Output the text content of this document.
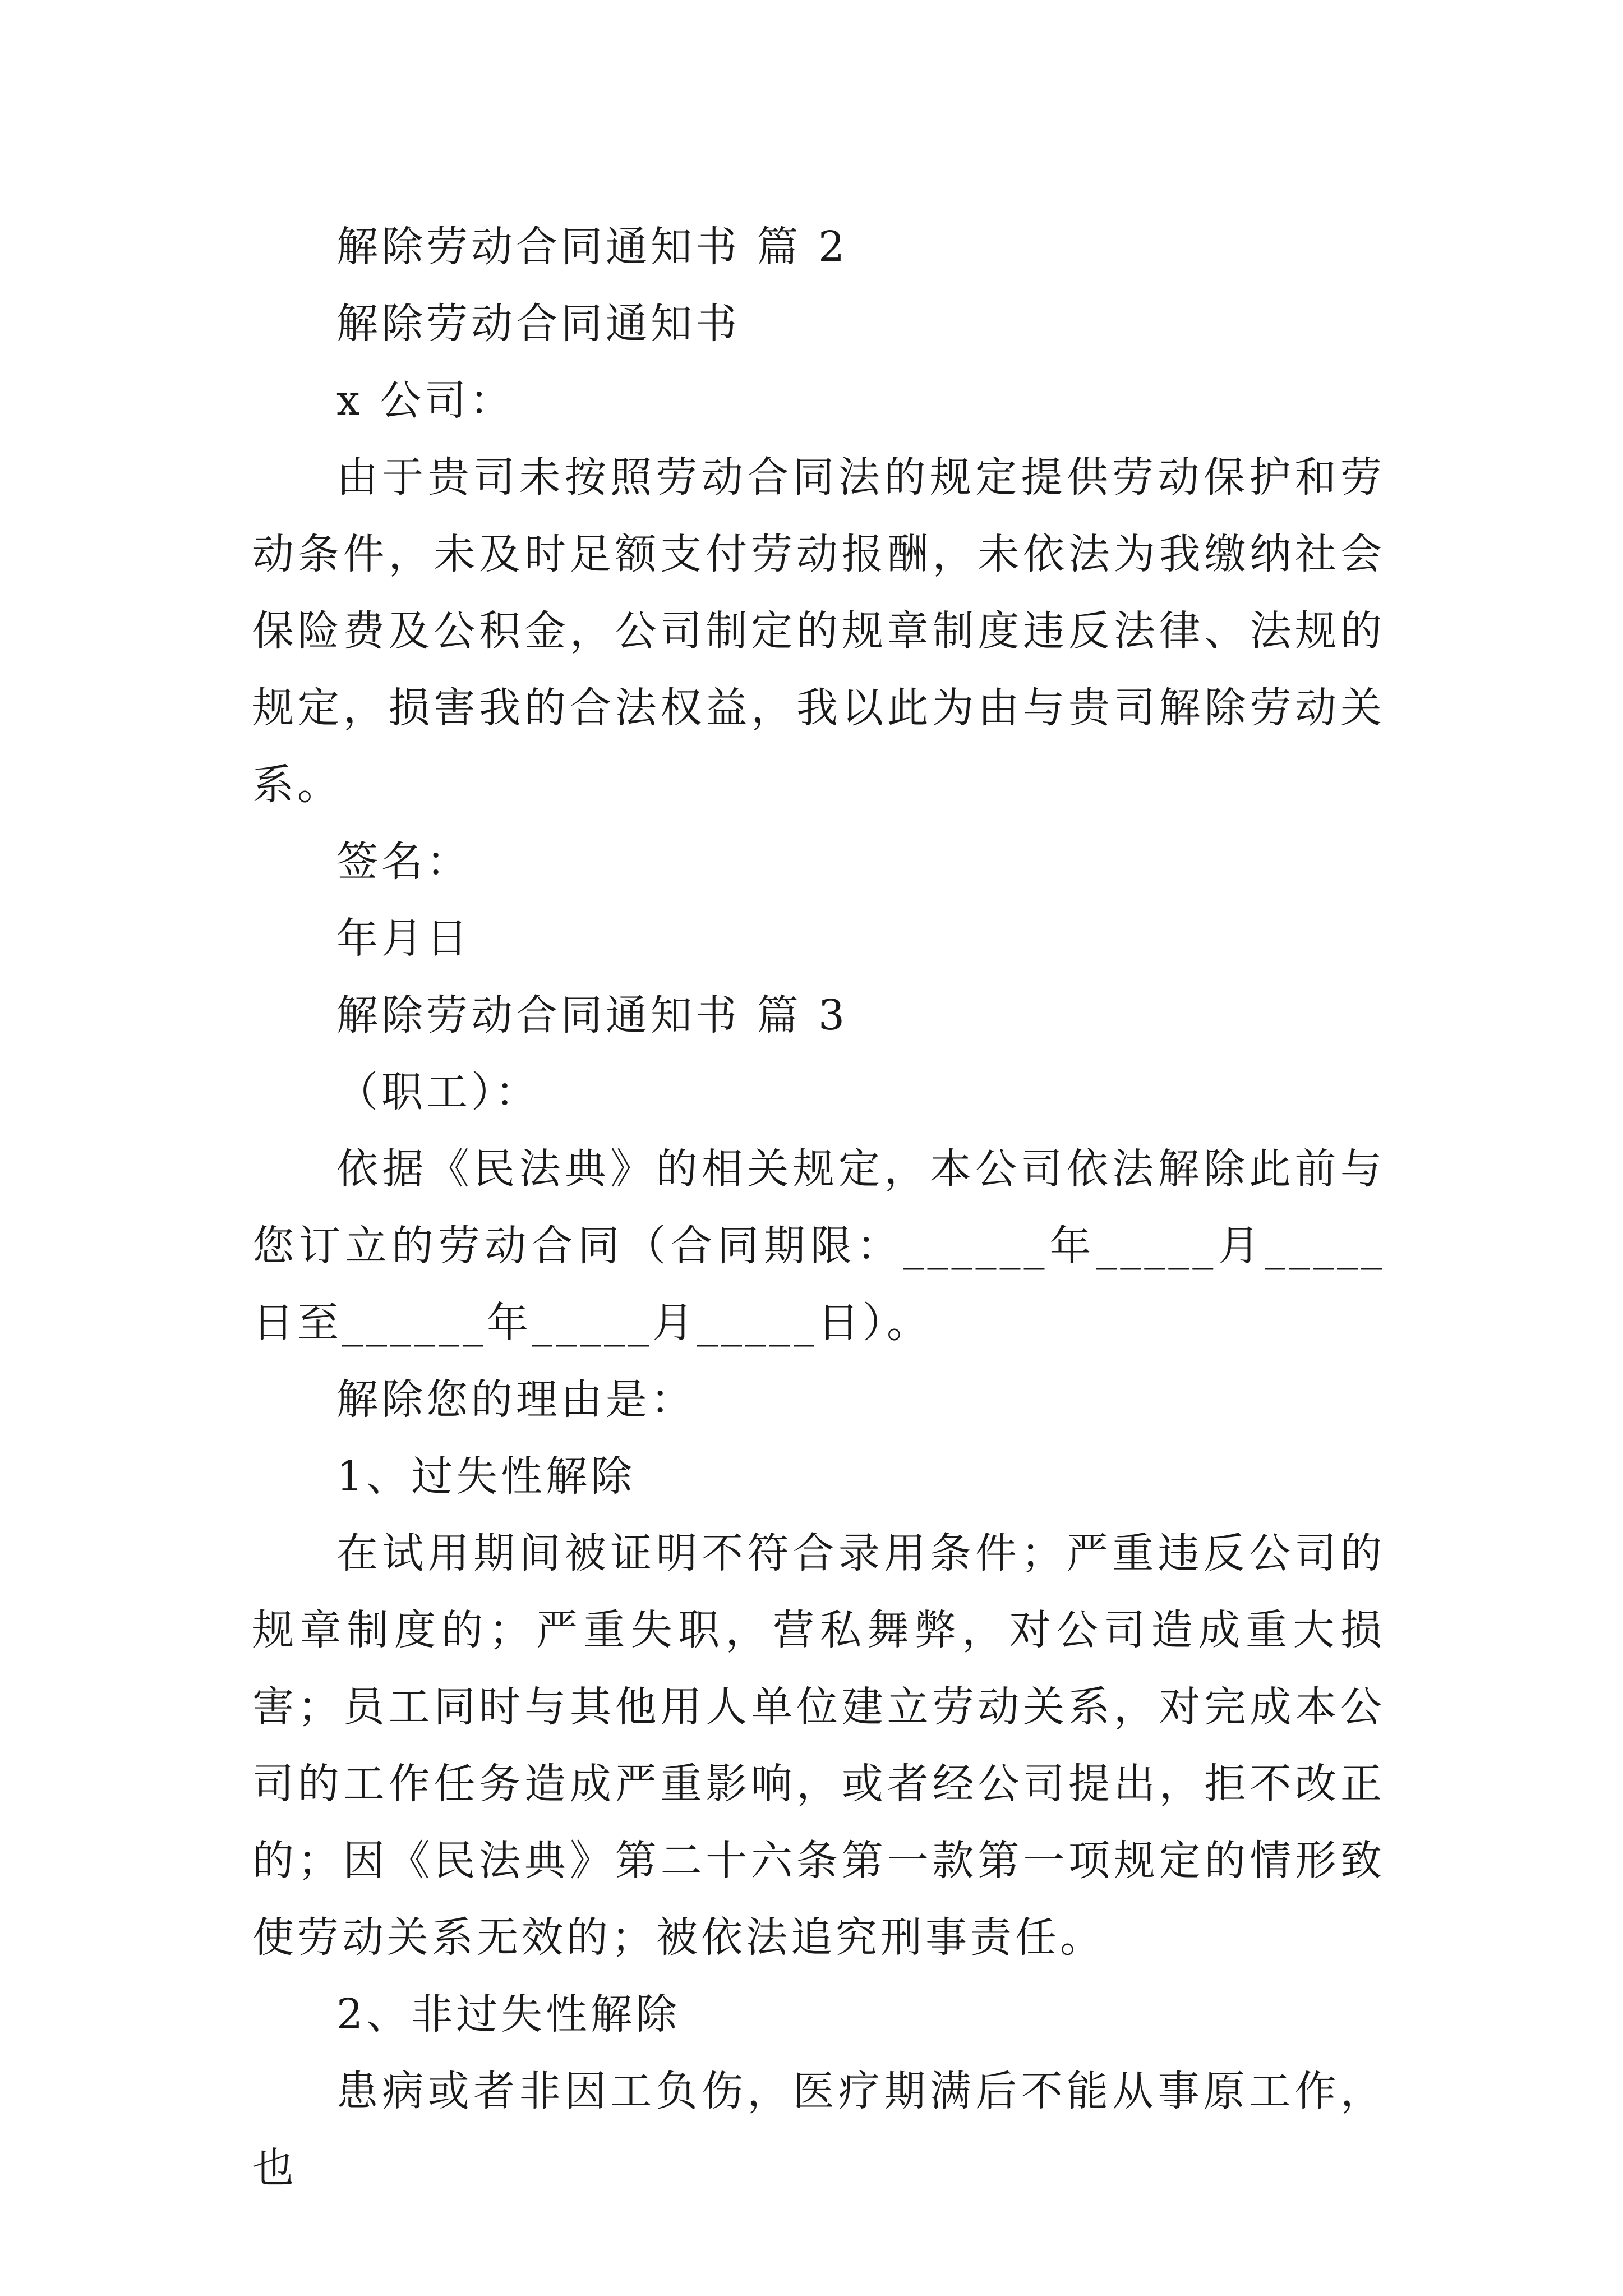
解除劳动合同通知书 篇 2

解除劳动合同通知书

x 公司：

由于贵司未按照劳动合同法的规定提供劳动保护和劳动条件，未及时足额支付劳动报酬，未依法为我缴纳社会保险费及公积金，公司制定的规章制度违反法律、法规的规定，损害我的合法权益，我以此为由与贵司解除劳动关系。

签名：

年月日

解除劳动合同通知书 篇 3

（职工）：

依据《民法典》的相关规定，本公司依法解除此前与您订立的劳动合同（合同期限：______年_____月_____日至______年_____月_____日）。

解除您的理由是：

1、过失性解除

在试用期间被证明不符合录用条件；严重违反公司的规章制度的；严重失职，营私舞弊，对公司造成重大损害；员工同时与其他用人单位建立劳动关系，对完成本公司的工作任务造成严重影响，或者经公司提出，拒不改正的；因《民法典》第二十六条第一款第一项规定的情形致使劳动关系无效的；被依法追究刑事责任。

2、非过失性解除

患病或者非因工负伤，医疗期满后不能从事原工作，也
